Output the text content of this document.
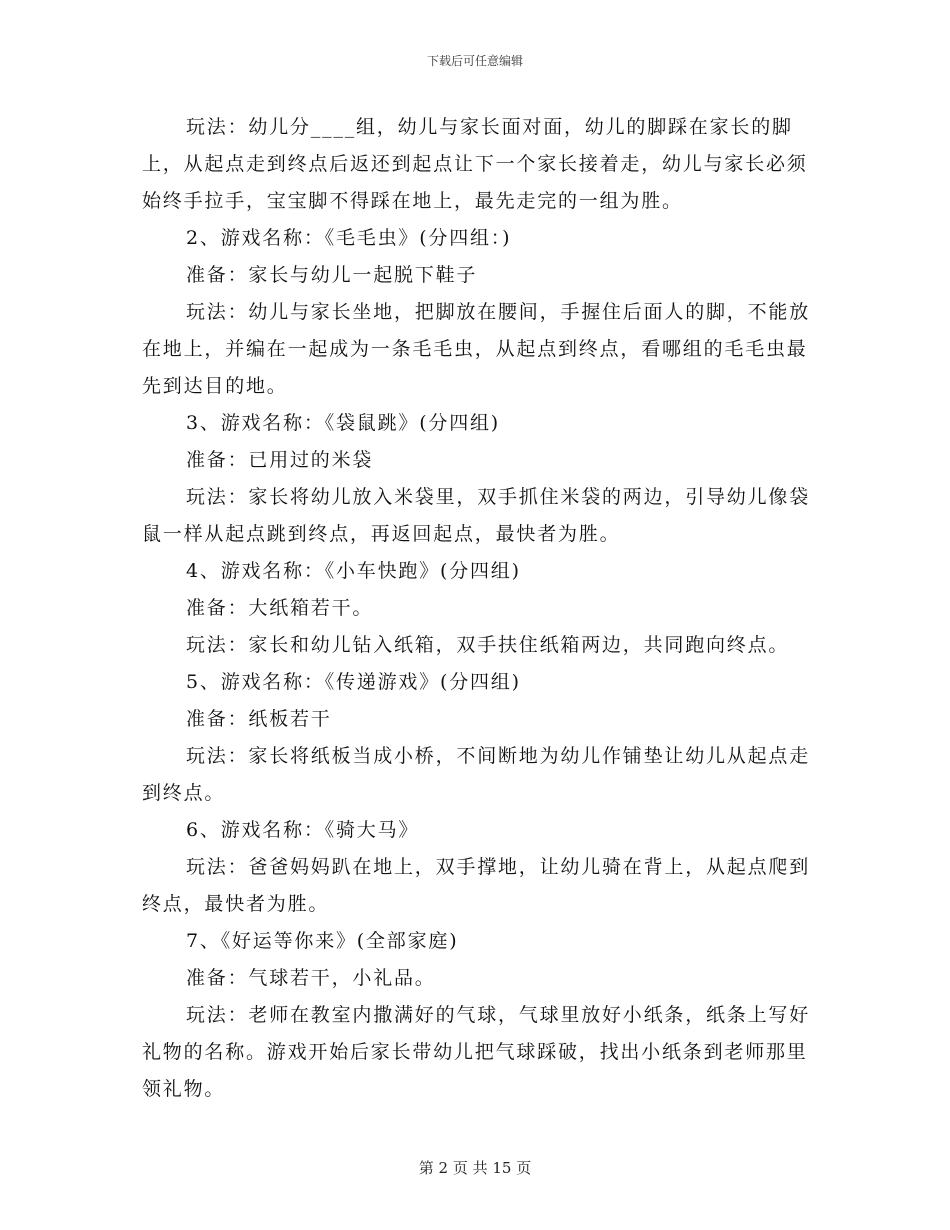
下载后可任意编辑

玩法：幼儿分____组，幼儿与家长面对面，幼儿的脚踩在家长的脚上，从起点走到终点后返还到起点让下一个家长接着走，幼儿与家长必须始终手拉手，宝宝脚不得踩在地上，最先走完的一组为胜。

2、游戏名称：《毛毛虫》(分四组：)

准备：家长与幼儿一起脱下鞋子

玩法：幼儿与家长坐地，把脚放在腰间，手握住后面人的脚，不能放在地上，并编在一起成为一条毛毛虫，从起点到终点，看哪组的毛毛虫最先到达目的地。

3、游戏名称：《袋鼠跳》(分四组)

准备：已用过的米袋

玩法：家长将幼儿放入米袋里，双手抓住米袋的两边，引导幼儿像袋鼠一样从起点跳到终点，再返回起点，最快者为胜。

4、游戏名称：《小车快跑》(分四组)

准备：大纸箱若干。

玩法：家长和幼儿钻入纸箱，双手扶住纸箱两边，共同跑向终点。

5、游戏名称：《传递游戏》(分四组)

准备：纸板若干

玩法：家长将纸板当成小桥，不间断地为幼儿作铺垫让幼儿从起点走到终点。

6、游戏名称：《骑大马》

玩法：爸爸妈妈趴在地上，双手撑地，让幼儿骑在背上，从起点爬到终点，最快者为胜。

7、《好运等你来》(全部家庭)

准备：气球若干，小礼品。

玩法：老师在教室内撒满好的气球，气球里放好小纸条，纸条上写好礼物的名称。游戏开始后家长带幼儿把气球踩破，找出小纸条到老师那里领礼物。

第 2 页 共 15 页
